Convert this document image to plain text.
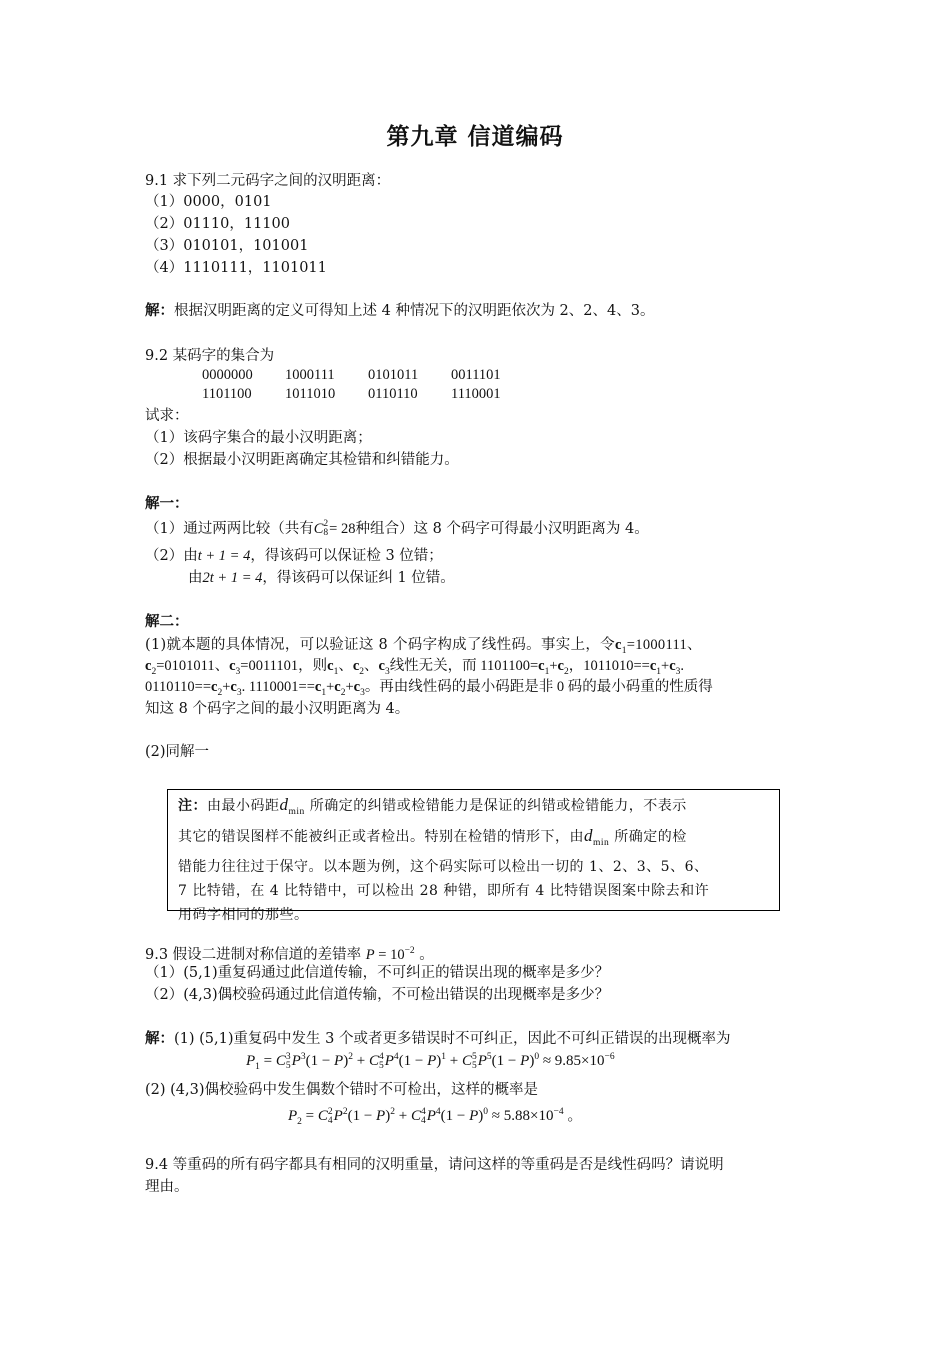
第九章 信道编码
9.1 求下列二元码字之间的汉明距离：
（1）0000，0101
（2）01110，11100
（3）010101，101001
（4）1110111，1101011
解：根据汉明距离的定义可得知上述 4 种情况下的汉明距依次为 2、2、4、3。
9.2 某码字的集合为
0000000 1000111 0101011 0011101
1101100 1011010 0110110 1110001
试求：
（1）该码字集合的最小汉明距离；
（2）根据最小汉明距离确定其检错和纠错能力。
解一：
（1）通过两两比较（共有C 2
8 = 28种组合）这 8 个码字可得最小汉明距离为 4。
（2）由t + 1 = 4，得该码可以保证检 3 位错；
由2t + 1 = 4，得该码可以保证纠 1 位错。
解二：
(1)就本题的具体情况，可以验证这 8 个码字构成了线性码。事实上，令$c_1=1000111$、
$c_2=0101011$、$c_3=0011101$，则$c_1$、$c_2$、$c_3$线性无关，而 $1101100=c_1+c_2$，$1011010==c_1+c_3$.
$0110110==c_2+c_3$. $1110001==c_1+c_2+c_3$。再由线性码的最小码距是非 0 码的最小码重的性质得
知这 8 个码字之间的最小汉明距离为 4。
(2)同解一
注：由最小码距$d_{min}$ 所确定的纠错或检错能力是保证的纠错或检错能力，不表示
其它的错误图样不能被纠正或者检出。特别在检错的情形下，由$d_{min}$ 所确定的检
错能力往往过于保守。以本题为例，这个码实际可以检出一切的 1、2、3、5、6、
7 比特错，在 4 比特错中，可以检出 28 种错，即所有 4 比特错误图案中除去和许
用码字相同的那些。
9.3 假设二进制对称信道的差错率 $P = 10^{-2}$ 。
（1）(5,1)重复码通过此信道传输，不可纠正的错误出现的概率是多少？
（2）(4,3)偶校验码通过此信道传输，不可检出错误的出现概率是多少？
解：(1) (5,1)重复码中发生 3 个或者更多错误时不可纠正，因此不可纠正错误的出现概率为
$P_1 = C$ 3
5 $P^3(1 - P)^2 + C$ 4
5 $P^4(1 - P)^1 + C$ 5
5 $P^5(1 - P)^0 \approx 9.85\times 10^{-6}$
(2) (4,3)偶校验码中发生偶数个错时不可检出，这样的概率是
$P_2 = C$ 2
4 $P^2(1 - P)^2 + C$ 4
4 $P^4(1 - P)^0 \approx 5.88\times 10^{-4}$ 。
9.4 等重码的所有码字都具有相同的汉明重量，请问这样的等重码是否是线性码吗？请说明
理由。
